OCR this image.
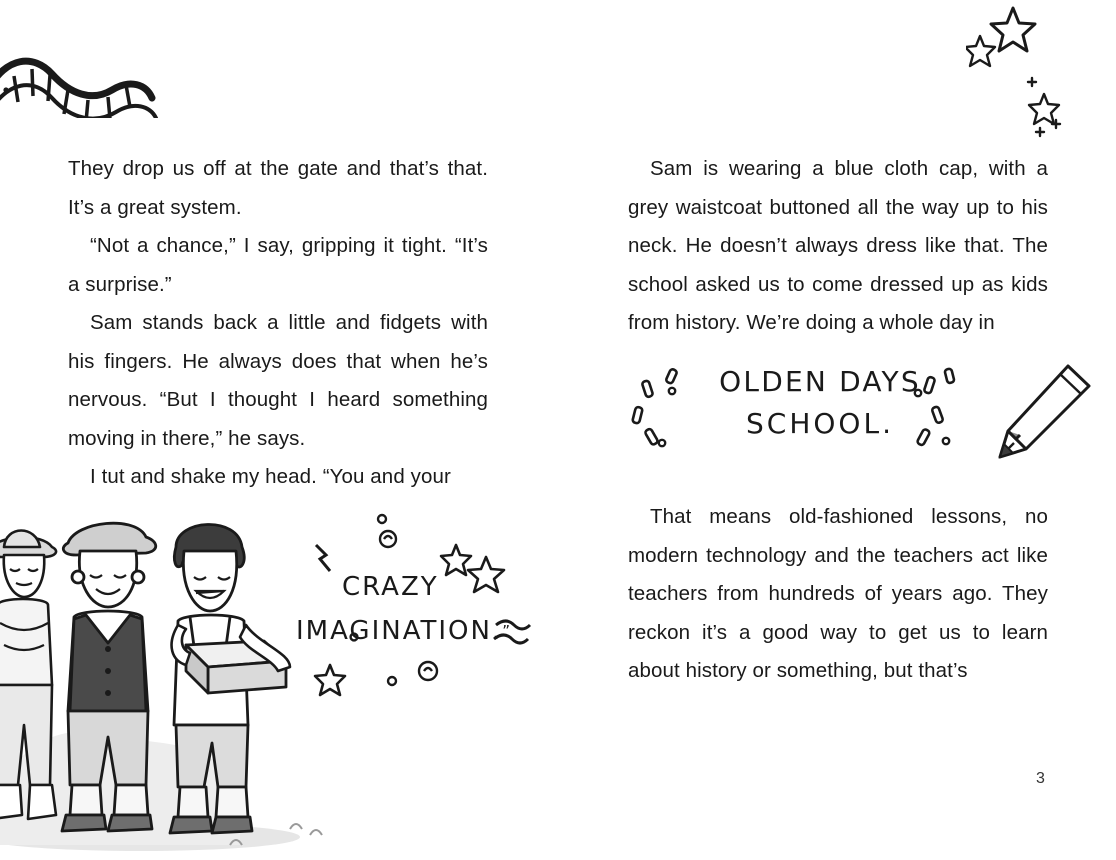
They drop us off at the gate and that’s that. It’s a great system.

“Not a chance,” I say, gripping it tight. “It’s a surprise.”

Sam stands back a little and fidgets with his fingers. He always does that when he’s nervous. “But I thought I heard something moving in there,” he says.

I tut and shake my head. “You and your

Sam is wearing a blue cloth cap, with a grey waistcoat buttoned all the way up to his neck. He doesn’t always dress like that. The school asked us to come dressed up as kids from history. We’re doing a whole day in

OLDEN DAYS
SCHOOL.

That means old-fashioned lessons, no modern technology and the teachers act like teachers from hundreds of years ago. They reckon it’s a good way to get us to learn about history or something, but that’s

CRAZY
IMAGINATION.”
3
